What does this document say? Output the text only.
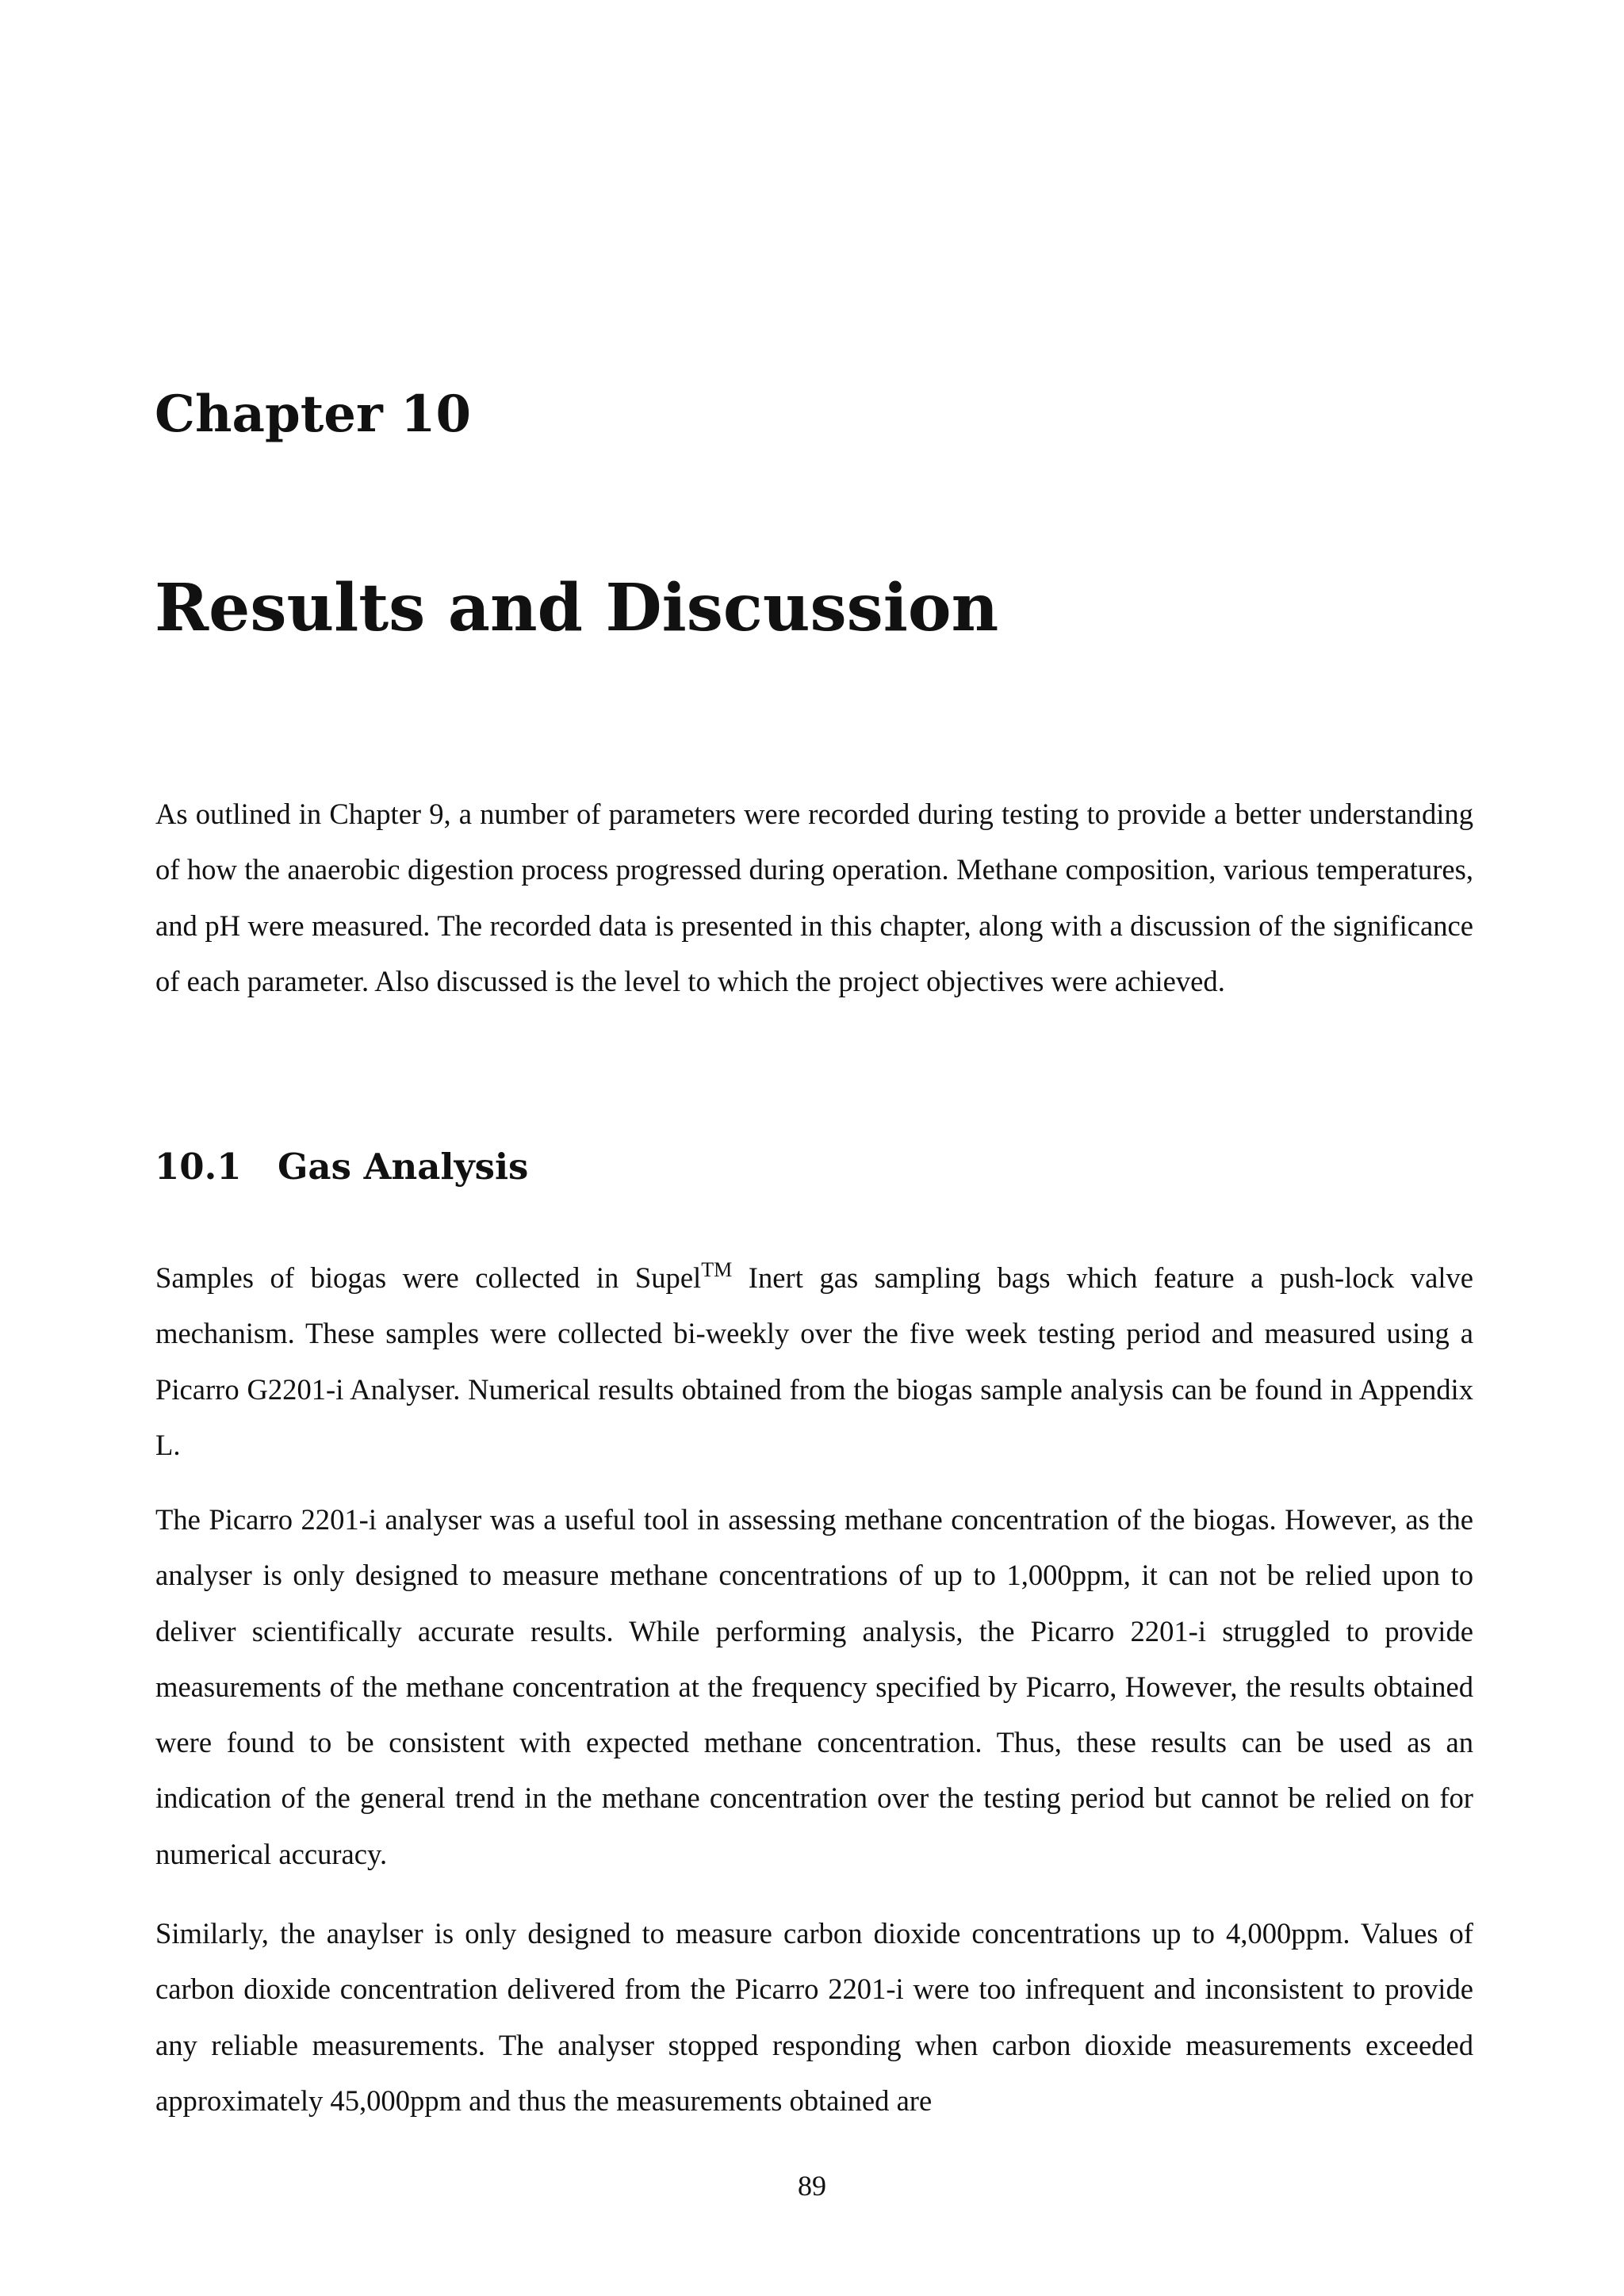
Chapter 10
Results and Discussion

As outlined in Chapter 9, a number of parameters were recorded during testing to provide a better understanding of how the anaerobic digestion process progressed during operation. Methane composition, various temperatures, and pH were measured. The recorded data is presented in this chapter, along with a discussion of the significance of each parameter. Also discussed is the level to which the project objectives were achieved.

10.1 Gas Analysis

Samples of biogas were collected in Supel™ Inert gas sampling bags which feature a push-lock valve mechanism. These samples were collected bi-weekly over the five week testing period and measured using a Picarro G2201-i Analyser. Numerical results obtained from the biogas sample analysis can be found in Appendix L.

The Picarro 2201-i analyser was a useful tool in assessing methane concentration of the biogas. However, as the analyser is only designed to measure methane concentrations of up to 1,000ppm, it can not be relied upon to deliver scientifically accurate results. While performing analysis, the Picarro 2201-i struggled to provide measurements of the methane concentration at the frequency specified by Picarro, However, the results obtained were found to be consistent with expected methane concentration. Thus, these results can be used as an indication of the general trend in the methane concentration over the testing period but cannot be relied on for numerical accuracy.

Similarly, the anaylser is only designed to measure carbon dioxide concentrations up to 4,000ppm. Values of carbon dioxide concentration delivered from the Picarro 2201-i were too infrequent and inconsistent to provide any reliable measurements. The analyser stopped responding when carbon dioxide measurements exceeded approximately 45,000ppm and thus the measurements obtained are

89
